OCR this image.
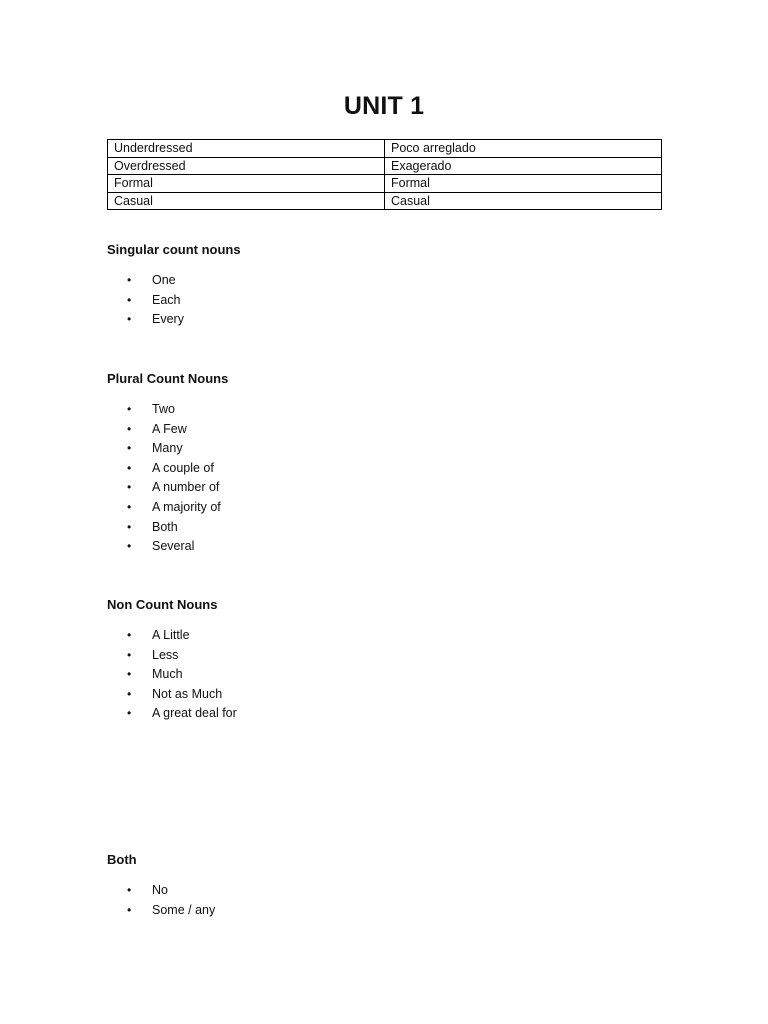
UNIT 1
Underdressed	Poco arreglado
Overdressed	Exagerado
Formal	Formal
Casual	Casual
Singular count nouns
• One
• Each
• Every
Plural Count Nouns
• Two
• A Few
• Many
• A couple of
• A number of
• A majority of
• Both
• Several
Non Count Nouns
• A Little
• Less
• Much
• Not as Much
• A great deal for
Both
• No
• Some / any
